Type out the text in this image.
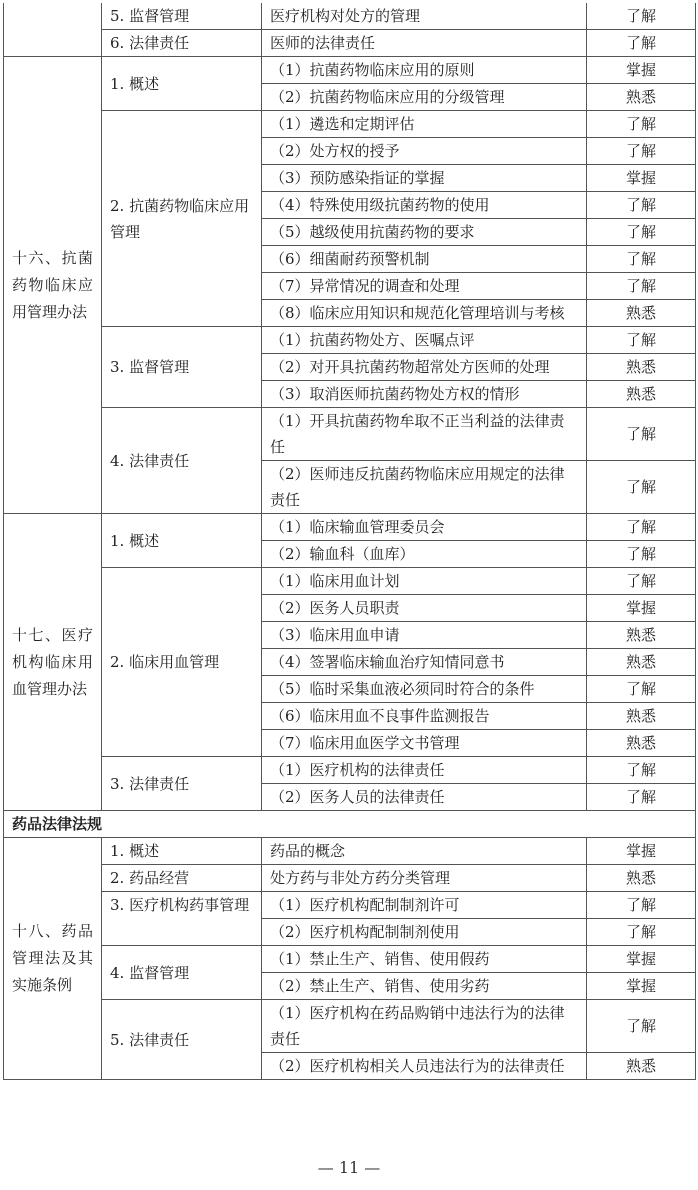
	5. 监督管理	医疗机构对处方的管理	了解
	6. 法律责任	医师的法律责任	了解

十六、抗菌药物临床应用管理办法	1. 概述	（1）抗菌药物临床应用的原则	掌握
		（2）抗菌药物临床应用的分级管理	熟悉
	2. 抗菌药物临床应用管理	（1）遴选和定期评估	了解
		（2）处方权的授予	了解
		（3）预防感染指证的掌握	掌握
		（4）特殊使用级抗菌药物的使用	了解
		（5）越级使用抗菌药物的要求	了解
		（6）细菌耐药预警机制	了解
		（7）异常情况的调查和处理	了解
		（8）临床应用知识和规范化管理培训与考核	熟悉
	3. 监督管理	（1）抗菌药物处方、医嘱点评	了解
		（2）对开具抗菌药物超常处方医师的处理	熟悉
		（3）取消医师抗菌药物处方权的情形	熟悉
	4. 法律责任	（1）开具抗菌药物牟取不正当利益的法律责任	了解
		（2）医师违反抗菌药物临床应用规定的法律责任	了解

十七、医疗机构临床用血管理办法	1. 概述	（1）临床输血管理委员会	了解
		（2）输血科（血库）	了解
	2. 临床用血管理	（1）临床用血计划	了解
		（2）医务人员职责	掌握
		（3）临床用血申请	熟悉
		（4）签署临床输血治疗知情同意书	熟悉
		（5）临时采集血液必须同时符合的条件	了解
		（6）临床用血不良事件监测报告	熟悉
		（7）临床用血医学文书管理	熟悉
	3. 法律责任	（1）医疗机构的法律责任	了解
		（2）医务人员的法律责任	了解
药品法律法规			

十八、药品管理法及其实施条例	1. 概述	药品的概念	掌握
	2. 药品经营	处方药与非处方药分类管理	熟悉
	3. 医疗机构药事管理	（1）医疗机构配制制剂许可	了解
		（2）医疗机构配制制剂使用	了解
	4. 监督管理	（1）禁止生产、销售、使用假药	掌握
		（2）禁止生产、销售、使用劣药	掌握
	5. 法律责任	（1）医疗机构在药品购销中违法行为的法律责任	了解
		（2）医疗机构相关人员违法行为的法律责任	熟悉
— 11 —
